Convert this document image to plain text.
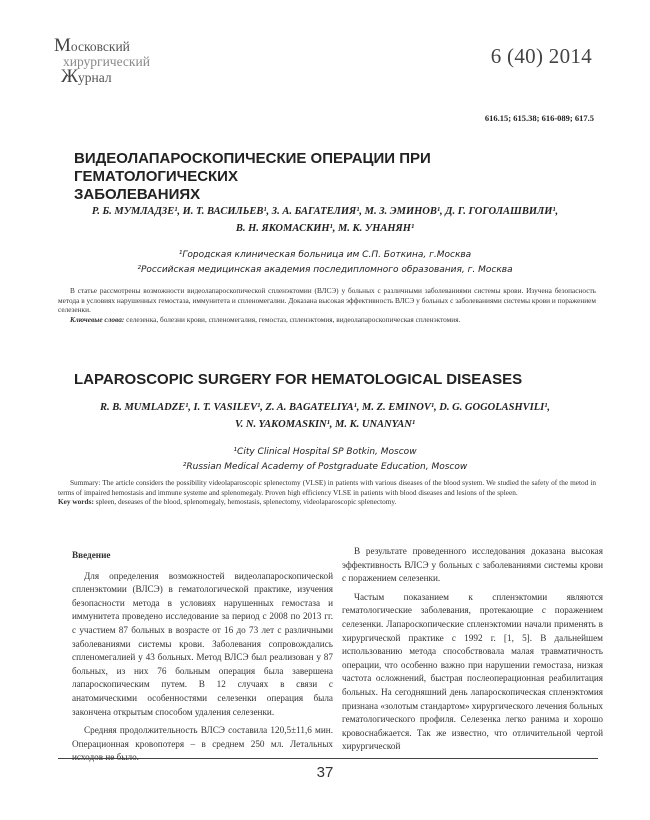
Московский
хирургический
Журнал
6 (40) 2014
616.15; 615.38; 616-089; 617.5
ВИДЕОЛАПАРОСКОПИЧЕСКИЕ ОПЕРАЦИИ ПРИ ГЕМАТОЛОГИЧЕСКИХ
ЗАБОЛЕВАНИЯХ
Р. Б. МУМЛАДЗЕ¹, И. Т. ВАСИЛЬЕВ¹, З. А. БАГАТЕЛИЯ¹, М. З. ЭМИНОВ¹, Д. Г. ГОГОЛАШВИЛИ¹,
В. Н. ЯКОМАСКИН¹, М. К. УНАНЯН¹
¹Городская клиническая больница им С.П. Боткина, г.Москва
²Российская медицинская академия последипломного образования, г. Москва
В статье рассмотрены возможности видеолапароскопической спленэктомии (ВЛСЭ) у больных с различными заболеваниями системы крови. Изучена безопасность метода в условиях нарушенных гемостаза, иммунитета и спленомегалии. Доказана высокая эффективность ВЛСЭ у больных с заболеваниями системы крови и поражением селезенки.
Ключевые слова: селезенка, болезни крови, спленомегалия, гемостаз, спленэктомия, видеолапароскопическая спленэктомия.
LAPAROSCOPIC SURGERY FOR HEMATOLOGICAL DISEASES
R. B. MUMLADZE¹, I. T. VASILEV¹, Z. A. BAGATELIYA¹, M. Z. EMINOV¹, D. G. GOGOLASHVILI¹,
V. N. YAKOMASKIN¹, M. K. UNANYAN¹
¹City Clinical Hospital SP Botkin, Moscow
²Russian Medical Academy of Postgraduate Education, Moscow
Summary: The article considers the possibility videolaparoscopic splenectomy (VLSE) in patients with various diseases of the blood system. We studied the safety of the metod in terms of impaired hemostasis and immune systeme and splenomegaly. Proven high efficiency VLSE in patients with blood diseases and lesions of the spleen.
Key words: spleen, deseases of the blood, splenomegaly, hemostasis, splenectomy, videolaparoscopic splenectomy.
Введение

Для определения возможностей видеолапароскопической спленэктомии (ВЛСЭ) в гематологической практике, изучения безопасности метода в условиях нарушенных гемостаза и иммунитета проведено исследование за период с 2008 по 2013 гг. с участием 87 больных в возрасте от 16 до 73 лет с различными заболеваниями системы крови. Заболевания сопровождались спленомегалией у 43 больных. Метод ВЛСЭ был реализован у 87 больных, из них 76 больным операция была завершена лапароскопическим путем. В 12 случаях в связи с анатомическими особенностями селезенки операция была закончена открытым способом удаления селезенки.

Средняя продолжительность ВЛСЭ составила 120,5±11,6 мин. Операционная кровопотеря – в среднем 250 мл. Летальных исходов не было.

В результате проведенного исследования доказана высокая эффективность ВЛСЭ у больных с заболеваниями системы крови с поражением селезенки.

Частым показанием к спленэктомии являются гематологические заболевания, протекающие с поражением селезенки. Лапароскопические спленэктомии начали применять в хирургической практике с 1992 г. [1, 5]. В дальнейшем использованию метода способствовала малая травматичность операции, что особенно важно при нарушении гемостаза, низкая частота осложнений, быстрая послеоперационная реабилитация больных. На сегодняшний день лапароскопическая спленэктомия признана «золотым стандартом» хирургического лечения больных гематологического профиля. Селезенка легко ранима и хорошо кровоснабжается. Так же известно, что отличительной чертой хирургической

37
